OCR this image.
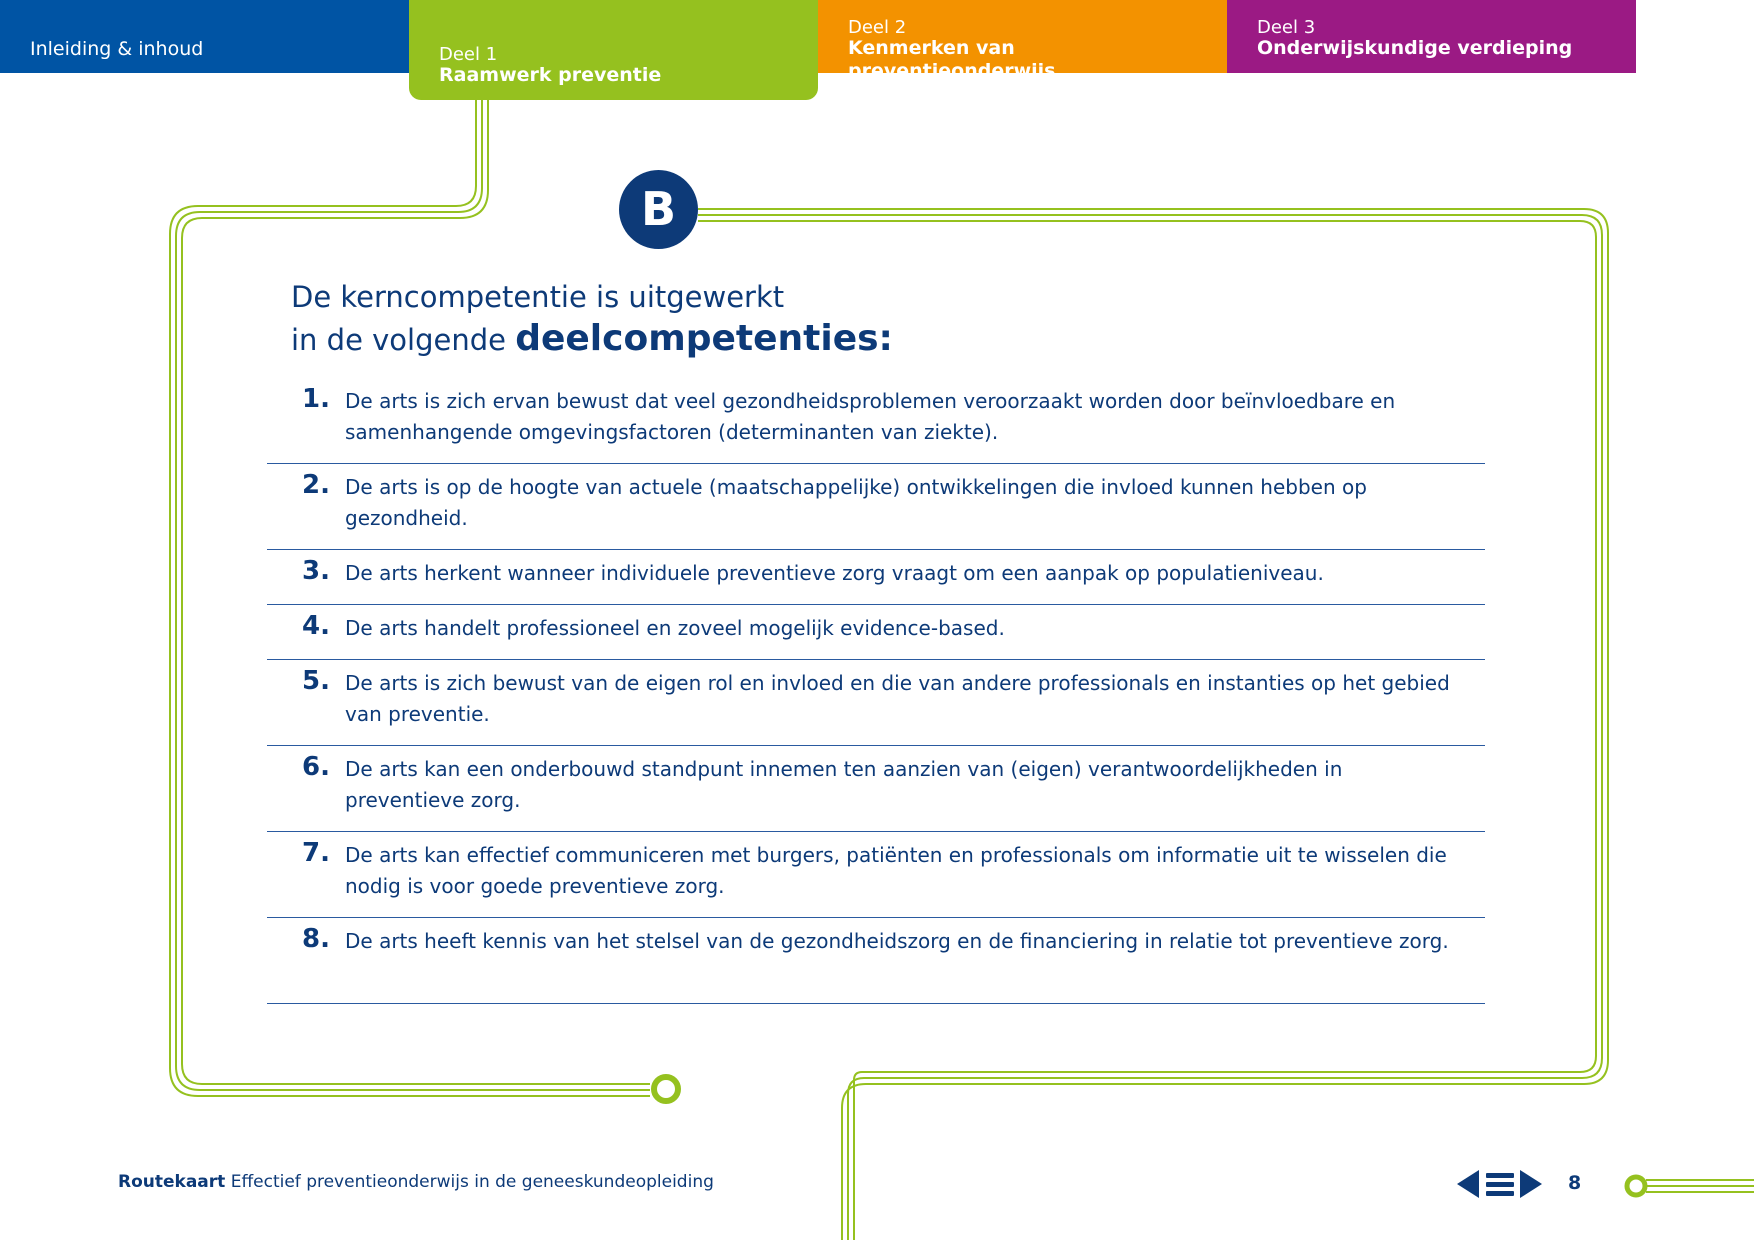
Inleiding & inhoud	Deel 1
Raamwerk preventie
Deel 2
Kenmerken van preventieonderwijs
Deel 3
Onderwijskundige verdieping
B
De kerncompetentie is uitgewerkt
in de volgende deelcompetenties:
1. De arts is zich ervan bewust dat veel gezondheidsproblemen veroorzaakt worden door beïnvloedbare en samenhangende omgevingsfactoren (determinanten van ziekte).
2. De arts is op de hoogte van actuele (maatschappelijke) ontwikkelingen die invloed kunnen hebben op gezondheid.
3. De arts herkent wanneer individuele preventieve zorg vraagt om een aanpak op populatieniveau.
4. De arts handelt professioneel en zoveel mogelijk evidence-based.
5. De arts is zich bewust van de eigen rol en invloed en die van andere professionals en instanties op het gebied van preventie.
6. De arts kan een onderbouwd standpunt innemen ten aanzien van (eigen) verantwoordelijkheden in preventieve zorg.
7. De arts kan effectief communiceren met burgers, patiënten en professionals om informatie uit te wisselen die nodig is voor goede preventieve zorg.
8. De arts heeft kennis van het stelsel van de gezondheidszorg en de financiering in relatie tot preventieve zorg.
Routekaart Effectief preventieonderwijs in de geneeskundeopleiding	8
